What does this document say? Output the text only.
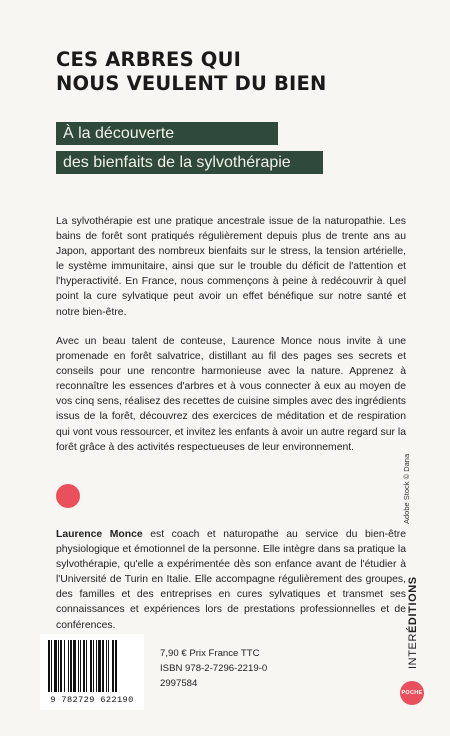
CES ARBRES QUI
NOUS VEULENT DU BIEN
À la découverte
des bienfaits de la sylvothérapie

La sylvothérapie est une pratique ancestrale issue de la naturopathie. Les bains de forêt sont pratiqués régulièrement depuis plus de trente ans au Japon, apportant des nombreux bienfaits sur le stress, la tension artérielle, le système immunitaire, ainsi que sur le trouble du déficit de l'attention et l'hyperactivité. En France, nous commençons à peine à redécouvrir à quel point la cure sylvatique peut avoir un effet bénéfique sur notre santé et notre bien-être.

Avec un beau talent de conteuse, Laurence Monce nous invite à une promenade en forêt salvatrice, distillant au fil des pages ses secrets et conseils pour une rencontre harmonieuse avec la nature. Apprenez à reconnaître les essences d'arbres et à vous connecter à eux au moyen de vos cinq sens, réalisez des recettes de cuisine simples avec des ingrédients issus de la forêt, découvrez des exercices de méditation et de respiration qui vont vous ressourcer, et invitez les enfants à avoir un autre regard sur la forêt grâce à des activités respectueuses de leur environnement.

Laurence Monce est coach et naturopathe au service du bien-être physiologique et émotionnel de la personne. Elle intègre dans sa pratique la sylvothérapie, qu'elle a expérimentée dès son enfance avant de l'étudier à l'Université de Turin en Italie. Elle accompagne régulièrement des groupes, des familles et des entreprises en cures sylvatiques et transmet ses connaissances et expériences lors de prestations professionnelles et de conférences.

Adobe Stock © Dana
INTERÉDITIONS
POCHE
9 782729 622190
7,90 € Prix France TTC
ISBN 978-2-7296-2219-0
2997584
